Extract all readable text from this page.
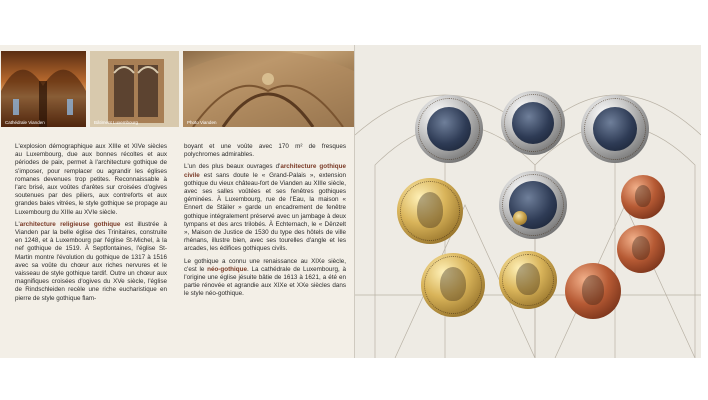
Cathédrale Vianden	Bâtiment Luxembourg	Photo Vianden

L'explosion démographique aux XIIIe et XIVe siècles au Luxembourg, due aux bonnes récoltes et aux périodes de paix, permet à l'architecture gothique de s'imposer, pour remplacer ou agrandir les églises romanes devenues trop petites. Reconnaissable à l'arc brisé, aux voûtes d'arêtes sur croisées d'ogives soutenues par des piliers, aux contreforts et aux grandes baies vitrées, le style gothique se propage au Luxembourg du XIIIe au XVIe siècle.

L'architecture religieuse gothique est illustrée à Vianden par la belle église des Trinitaires, construite en 1248, et à Luxembourg par l'église St-Michel, à la nef gothique de 1519. À Septfontaines, l'église St-Martin montre l'évolution du gothique de 1317 à 1516 avec sa voûte du chœur aux riches nervures et le vaisseau de style gothique tardif. Outre un chœur aux magnifiques croisées d'ogives du XVe siècle, l'église de Rindschleiden recèle une riche eucharistique en pierre de style gothique flam-

boyant et une voûte avec 170 m² de fresques polychromes admirables.

L'un des plus beaux ouvrages d'architecture gothique civile est sans doute le « Grand-Palais », extension gothique du vieux château-fort de Vianden au XIIIe siècle, avec ses salles voûtées et ses fenêtres gothiques géminées. À Luxembourg, rue de l'Eau, la maison « Ennert de Stäiler » garde un encadrement de fenêtre gothique intégralement préservé avec un jambage à deux tympans et des arcs trilobés. À Echternach, le « Dënzelt », Maison de Justice de 1530 du type des hôtels de ville rhénans, illustre bien, avec ses tourelles d'angle et les arcades, les édifices gothiques civils.

Le gothique a connu une renaissance au XIXe siècle, c'est le néo-gothique. La cathédrale de Luxembourg, à l'origine une église jésuite bâtie de 1613 à 1621, a été en partie rénovée et agrandie aux XIXe et XXe siècles dans le style néo-gothique.
